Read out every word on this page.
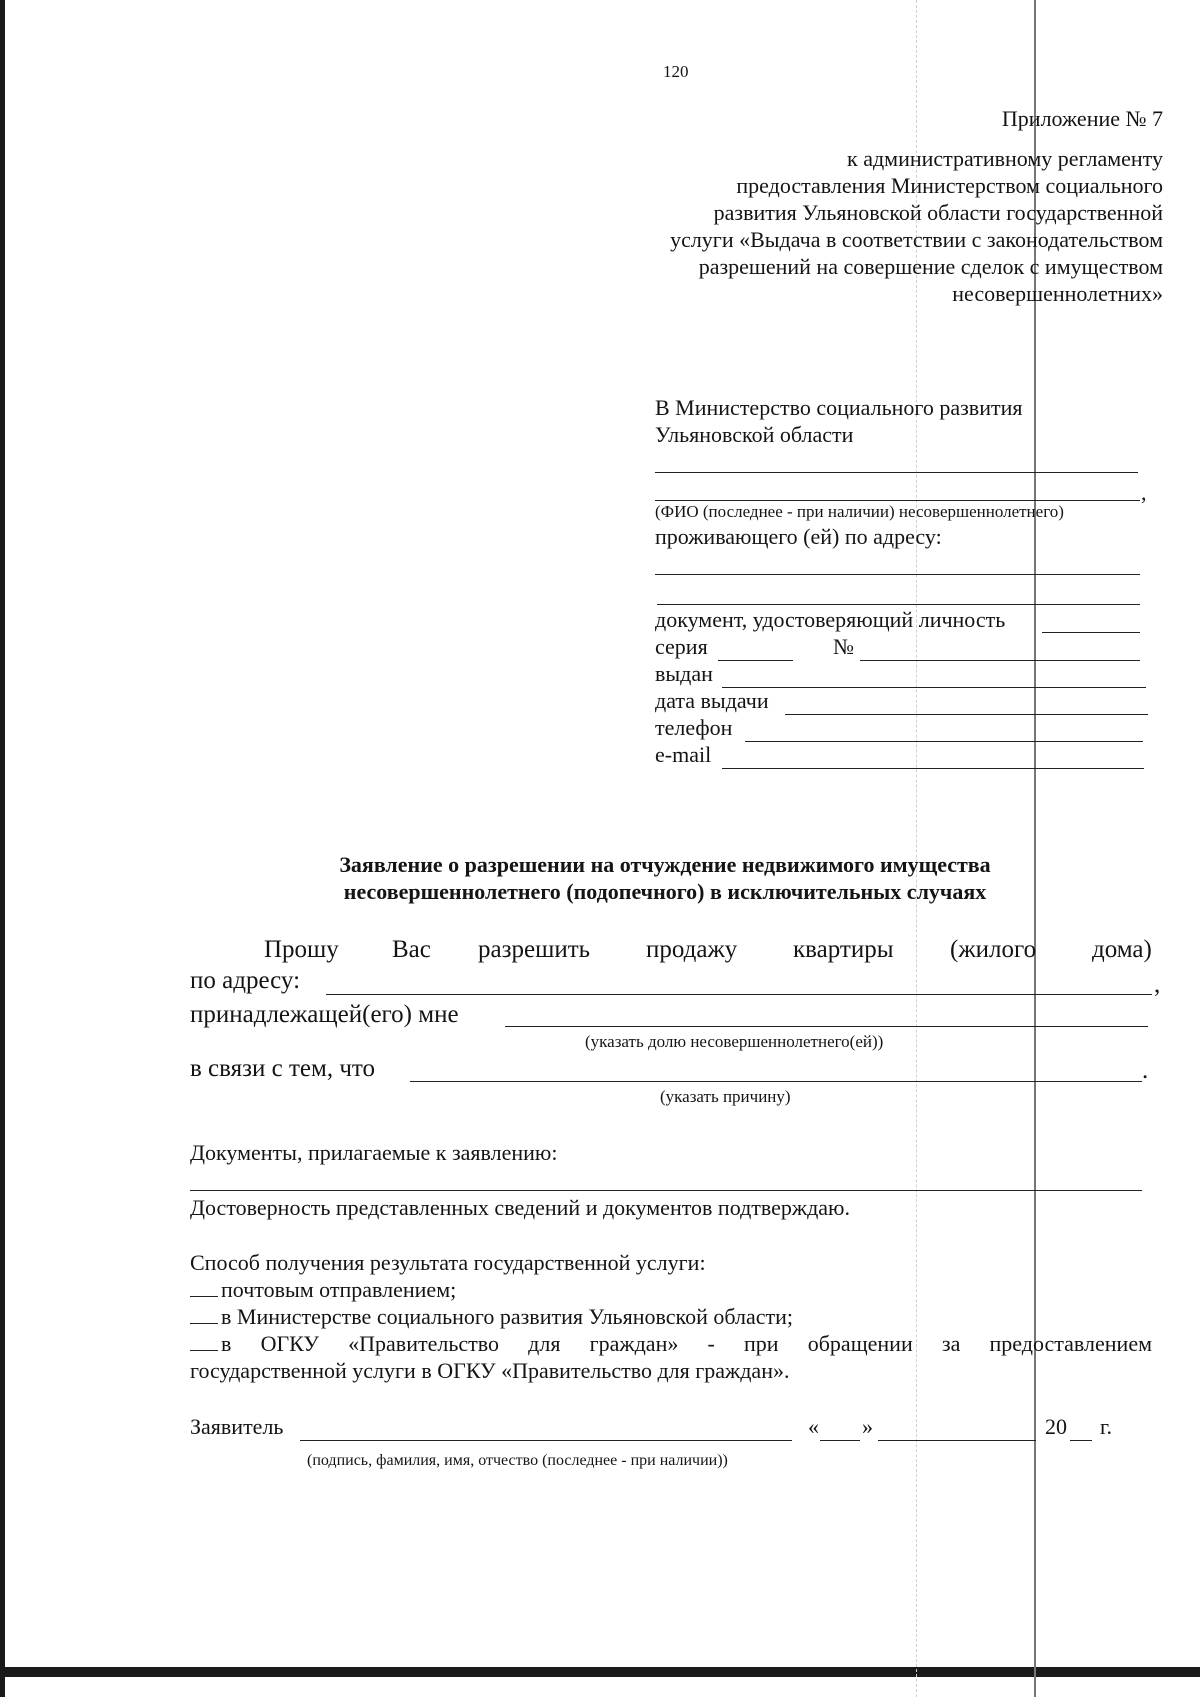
120
Приложение № 7
к административному регламенту
предоставления Министерством социального
развития Ульяновской области государственной
услуги «Выдача в соответствии с законодательством
разрешений на совершение сделок с имуществом
несовершеннолетних»
В Министерство социального развития
Ульяновской области
,
(ФИО (последнее - при наличии) несовершеннолетнего)
проживающего (ей) по адресу:
документ, удостоверяющий личность
серия	№
выдан
дата выдачи
телефон
e-mail
Заявление о разрешении на отчуждение недвижимого имущества
несовершеннолетнего (подопечного) в исключительных случаях
Прошу Вас разрешить продажу квартиры (жилого дома)
по адресу:	,
принадлежащей(его) мне
(указать долю несовершеннолетнего(ей))
в связи с тем, что	.
(указать причину)
Документы, прилагаемые к заявлению:
Достоверность представленных сведений и документов подтверждаю.
Способ получения результата государственной услуги:
почтовым отправлением;
в Министерстве социального развития Ульяновской области;
в ОГКУ «Правительство для граждан» - при обращении за предоставлением
государственной услуги в ОГКУ «Правительство для граждан».
Заявитель	« »	20 г.
(подпись, фамилия, имя, отчество (последнее - при наличии))
